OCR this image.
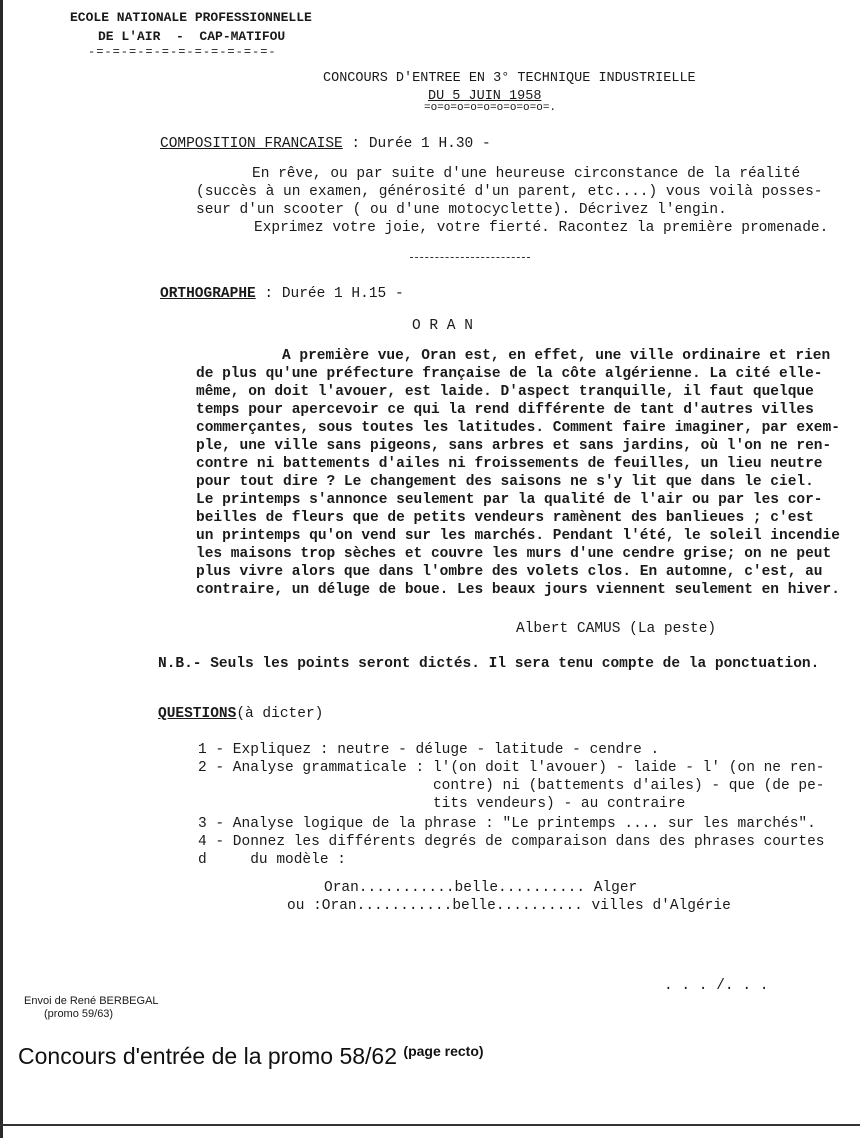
ECOLE NATIONALE PROFESSIONNELLE
DE L'AIR  -  CAP-MATIFOU
-=-=-=-=-=-=-=-=-=-=-=-
CONCOURS D'ENTREE EN 3° TECHNIQUE INDUSTRIELLE
DU 5 JUIN 1958
=o=o=o=o=o=o=o=o=o=.
COMPOSITION FRANCAISE : Durée 1 H.30 -
En rêve, ou par suite d'une heureuse circonstance de la réalité
(succès à un examen, générosité d'un parent, etc....) vous voilà posses-
seur d'un scooter ( ou d'une motocyclette). Décrivez l'engin.
Exprimez votre joie, votre fierté. Racontez la première promenade.
ORTHOGRAPHE : Durée 1 H.15 -
O R A N
A première vue, Oran est, en effet, une ville ordinaire et rien
de plus qu'une préfecture française de la côte algérienne. La cité elle-
même, on doit l'avouer, est laide. D'aspect tranquille, il faut quelque
temps pour apercevoir ce qui la rend différente de tant d'autres villes
commerçantes, sous toutes les latitudes. Comment faire imaginer, par exem-
ple, une ville sans pigeons, sans arbres et sans jardins, où l'on ne ren-
contre ni battements d'ailes ni froissements de feuilles, un lieu neutre
pour tout dire ? Le changement des saisons ne s'y lit que dans le ciel.
Le printemps s'annonce seulement par la qualité de l'air ou par les cor-
beilles de fleurs que de petits vendeurs ramènent des banlieues ; c'est
un printemps qu'on vend sur les marchés. Pendant l'été, le soleil incendie
les maisons trop sèches et couvre les murs d'une cendre grise; on ne peut
plus vivre alors que dans l'ombre des volets clos. En automne, c'est, au
contraire, un déluge de boue. Les beaux jours viennent seulement en hiver.
Albert CAMUS (La peste)
N.B.- Seuls les points seront dictés. Il sera tenu compte de la ponctuation.
QUESTIONS(à dicter)
1 - Expliquez : neutre - déluge - latitude - cendre .
2 - Analyse grammaticale : l'(on doit l'avouer) - laide - l' (on ne ren-
contre) ni (battements d'ailes) - que (de pe-
tits vendeurs) - au contraire
3 - Analyse logique de la phrase : "Le printemps .... sur les marchés".
4 - Donnez les différents degrés de comparaison dans des phrases courtes
d     du modèle :
Oran...........belle.......... Alger
ou :Oran...........belle.......... villes d'Algérie
. . . /. . .
Envoi de René BERBEGAL
(promo 59/63)
Concours d'entrée de la promo 58/62 $^{(page recto)}$
